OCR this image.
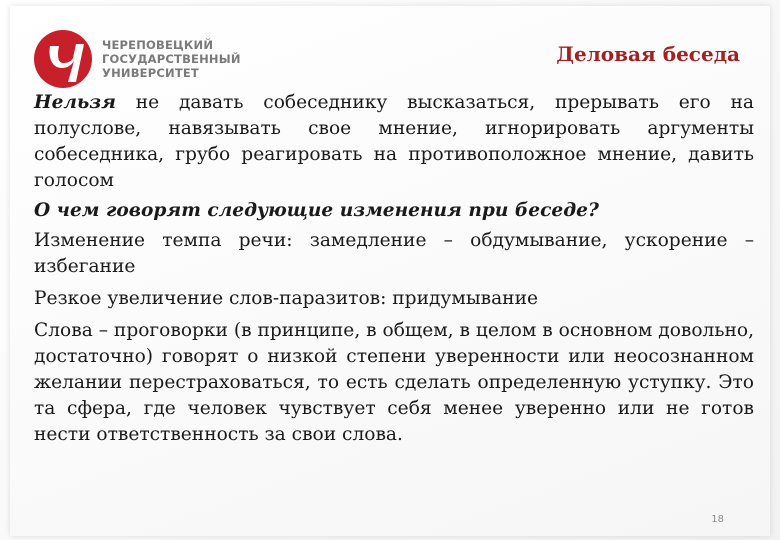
ЧЕРЕПОВЕЦКИЙ
ГОСУДАРСТВЕННЫЙ
УНИВЕРСИТЕТ
Деловая беседа

Нельзя не давать собеседнику высказаться, прерывать его на полуслове, навязывать свое мнение, игнорировать аргументы собеседника, грубо реагировать на противоположное мнение, давить голосом

О чем говорят следующие изменения при беседе?

Изменение темпа речи: замедление – обдумывание, ускорение – избегание

Резкое увеличение слов-паразитов: придумывание

Слова – проговорки (в принципе, в общем, в целом в основном довольно, достаточно) говорят о низкой степени уверенности или неосознанном желании перестраховаться, то есть сделать определенную уступку. Это та сфера, где человек чувствует себя менее уверенно или не готов нести ответственность за свои слова.

18
